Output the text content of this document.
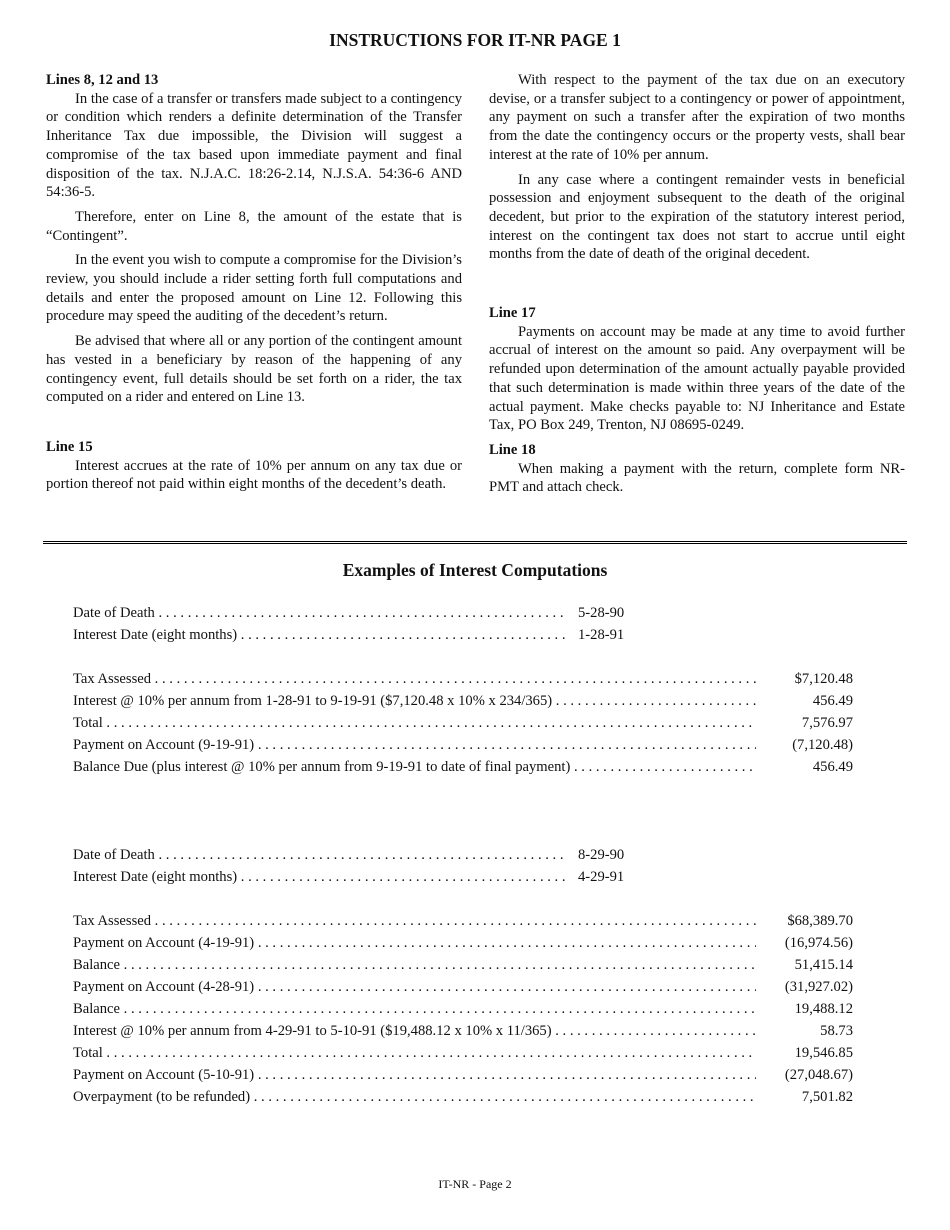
INSTRUCTIONS FOR IT-NR PAGE 1
Lines 8, 12 and 13

In the case of a transfer or transfers made subject to a contingency or condition which renders a definite determination of the Transfer Inheritance Tax due impossible, the Division will suggest a compromise of the tax based upon immediate payment and final disposition of the tax. N.J.A.C. 18:26-2.14, N.J.S.A. 54:36-6 AND 54:36-5.

Therefore, enter on Line 8, the amount of the estate that is “Contingent”.

In the event you wish to compute a compromise for the Division’s review, you should include a rider setting forth full computations and details and enter the proposed amount on Line 12. Following this procedure may speed the auditing of the decedent’s return.

Be advised that where all or any portion of the contingent amount has vested in a beneficiary by reason of the happening of any contingency event, full details should be set forth on a rider, the tax computed on a rider and entered on Line 13.

Line 15

Interest accrues at the rate of 10% per annum on any tax due or portion thereof not paid within eight months of the decedent’s death.

With respect to the payment of the tax due on an executory devise, or a transfer subject to a contingency or power of appointment, any payment on such a transfer after the expiration of two months from the date the contingency occurs or the property vests, shall bear interest at the rate of 10% per annum.

In any case where a contingent remainder vests in beneficial possession and enjoyment subsequent to the death of the original decedent, but prior to the expiration of the statutory interest period, interest on the contingent tax does not start to accrue until eight months from the date of death of the original decedent.

Line 17

Payments on account may be made at any time to avoid further accrual of interest on the amount so paid. Any overpayment will be refunded upon determination of the amount actually payable provided that such determination is made within three years of the date of the actual payment. Make checks payable to: NJ Inheritance and Estate Tax, PO Box 249, Trenton, NJ 08695-0249.

Line 18

When making a payment with the return, complete form NR-PMT and attach check.

Examples of Interest Computations
Date of Death . . .	5-28-90
Interest Date (eight months) . . .	1-28-91
Tax Assessed . . .	$7,120.48
Interest @ 10% per annum from 1-28-91 to 9-19-91 ($7,120.48 x 10% x 234/365) . . .	456.49
Total . . .	7,576.97
Payment on Account (9-19-91) . . .	(7,120.48)
Balance Due (plus interest @ 10% per annum from 9-19-91 to date of final payment) . . .	456.49
Date of Death . . .	8-29-90
Interest Date (eight months) . . .	4-29-91
Tax Assessed . . .	$68,389.70
Payment on Account (4-19-91) . . .	(16,974.56)
Balance . . .	51,415.14
Payment on Account (4-28-91) . . .	(31,927.02)
Balance . . .	19,488.12
Interest @ 10% per annum from 4-29-91 to 5-10-91 ($19,488.12 x 10% x 11/365) . . .	58.73
Total . . .	19,546.85
Payment on Account (5-10-91) . . .	(27,048.67)
Overpayment (to be refunded) . . .	7,501.82
IT-NR - Page 2
